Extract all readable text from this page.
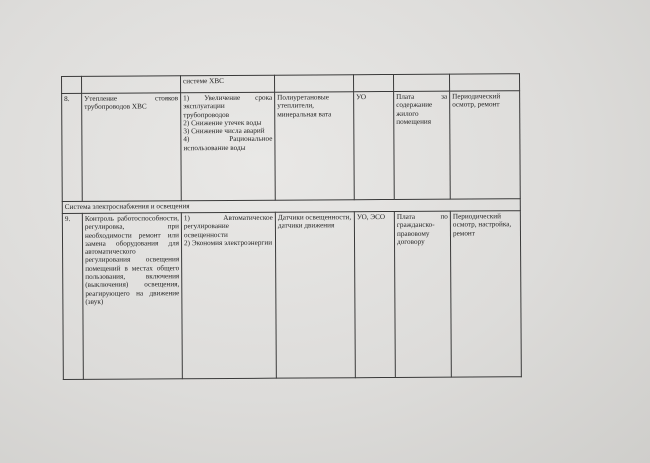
		системе ХВС				
8.	Утепление стояков трубопроводов ХВС	1) Увеличение срока эксплуатации трубопроводов
2) Снижение утечек воды
3) Снижение числа аварий
4) Рациональное использование воды	Полиуретановые утеплители, минеральная вата	УО	Плата за содержание жилого помещения	Периодический осмотр, ремонт
Система электроснабжения и освещения						
9.	Контроль работоспособности, регулировка, при необходимости ремонт или замена оборудования для автоматического регулирования освещения помещений в местах общего пользования, включения (выключения) освещения, реагирующего на движение (звук)	1) Автоматическое регулирование освещенности
2) Экономия электроэнергии	Датчики освещенности, датчики движения	УО, ЭСО	Плата по гражданско-правовому договору	Периодический осмотр, настройка, ремонт
